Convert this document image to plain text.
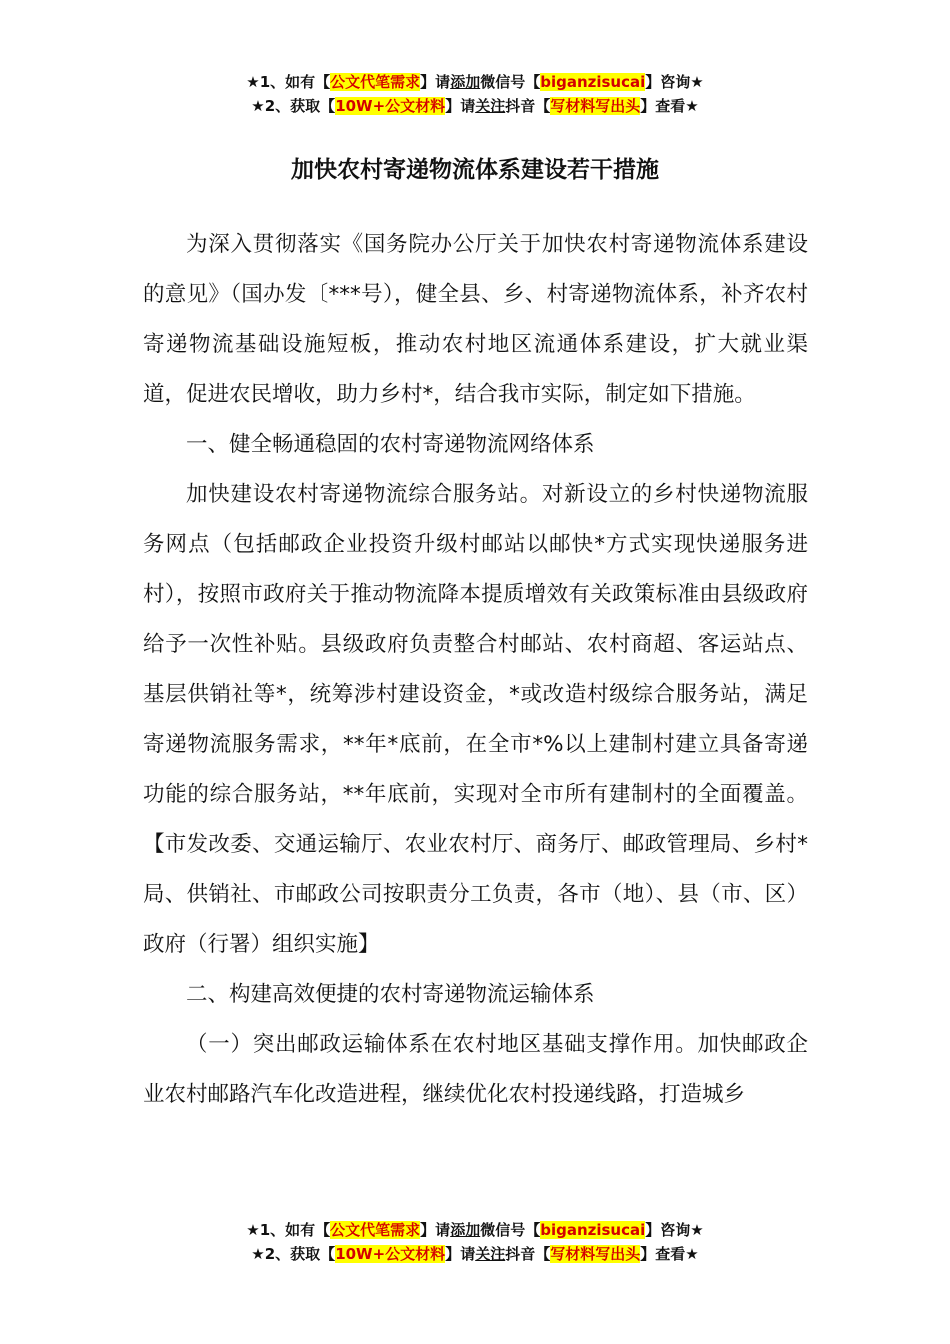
★1、如有【公文代笔需求】请添加微信号【biganzisucai】咨询★
★2、获取【10W+公文材料】请关注抖音【写材料写出头】查看★
加快农村寄递物流体系建设若干措施

为深入贯彻落实《国务院办公厅关于加快农村寄递物流体系建设的意见》（国办发〔***号），健全县、乡、村寄递物流体系，补齐农村寄递物流基础设施短板，推动农村地区流通体系建设，扩大就业渠道，促进农民增收，助力乡村*，结合我市实际，制定如下措施。

一、健全畅通稳固的农村寄递物流网络体系

加快建设农村寄递物流综合服务站。对新设立的乡村快递物流服务网点（包括邮政企业投资升级村邮站以邮快*方式实现快递服务进村），按照市政府关于推动物流降本提质增效有关政策标准由县级政府给予一次性补贴。县级政府负责整合村邮站、农村商超、客运站点、基层供销社等*，统筹涉村建设资金，*或改造村级综合服务站，满足寄递物流服务需求，**年*底前，在全市*%以上建制村建立具备寄递功能的综合服务站，**年底前，实现对全市所有建制村的全面覆盖。【市发改委、交通运输厅、农业农村厅、商务厅、邮政管理局、乡村*局、供销社、市邮政公司按职责分工负责，各市（地）、县（市、区）政府（行署）组织实施】

二、构建高效便捷的农村寄递物流运输体系

（一）突出邮政运输体系在农村地区基础支撑作用。加快邮政企业农村邮路汽车化改造进程，继续优化农村投递线路，打造城乡

★1、如有【公文代笔需求】请添加微信号【biganzisucai】咨询★
★2、获取【10W+公文材料】请关注抖音【写材料写出头】查看★
